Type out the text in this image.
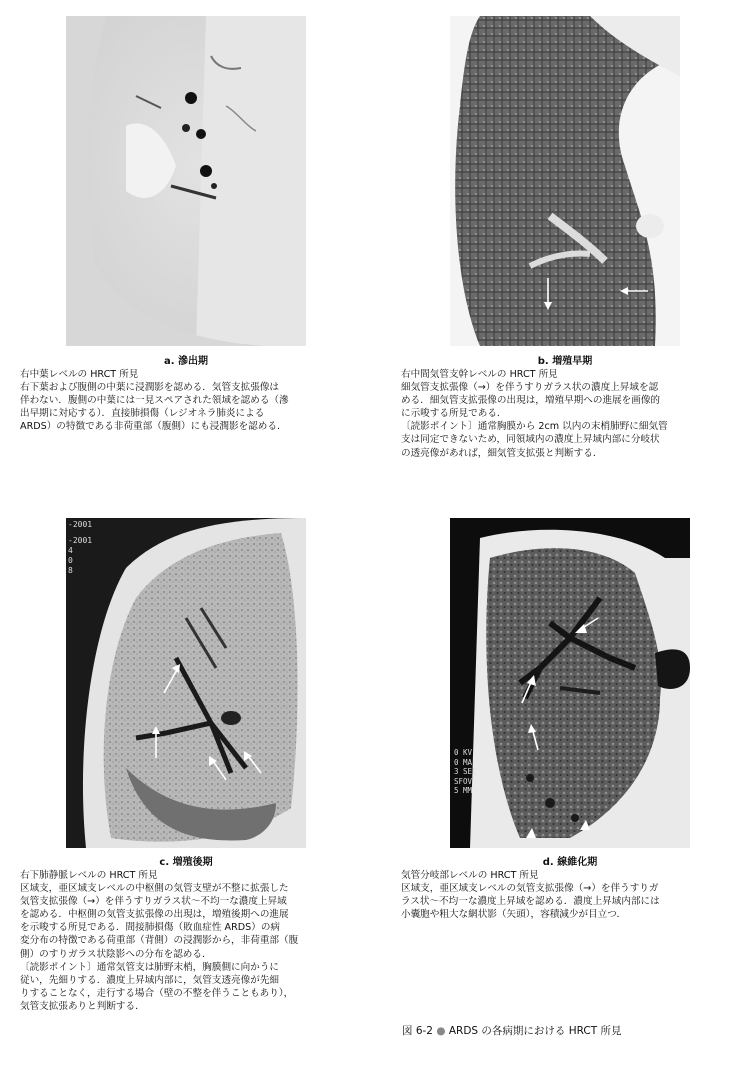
a. 滲出期
右中葉レベルの HRCT 所見
右下葉および腹側の中葉に浸潤影を認める．気管支拡張像は
伴わない．腹側の中葉には一見スペアされた領域を認める（滲
出早期に対応する）．直接肺損傷（レジオネラ肺炎による
ARDS）の特徴である非荷重部（腹側）にも浸潤影を認める．
b. 増殖早期
右中間気管支幹レベルの HRCT 所見
細気管支拡張像（→）を伴うすりガラス状の濃度上昇域を認
める．細気管支拡張像の出現は，増殖早期への進展を画像的
に示唆する所見である．
〔読影ポイント〕通常胸膜から 2cm 以内の末梢肺野に細気管
支は同定できないため，同領域内の濃度上昇域内部に分岐状
の透亮像があれば，細気管支拡張と判断する．
-2001
-2001
4
0
8
c. 増殖後期
右下肺静脈レベルの HRCT 所見
区域支，亜区域支レベルの中枢側の気管支壁が不整に拡張した
気管支拡張像（→）を伴うすりガラス状～不均一な濃度上昇域
を認める．中枢側の気管支拡張像の出現は，増殖後期への進展
を示唆する所見である．間接肺損傷（敗血症性 ARDS）の病
変分布の特徴である荷重部（背側）の浸潤影から，非荷重部（腹
側）のすりガラス状陰影への分布を認める．
〔読影ポイント〕通常気管支は肺野末梢，胸膜側に向かうに
従い，先細りする．濃度上昇域内部に，気管支透亮像が先細
りすることなく，走行する場合（壁の不整を伴うこともあり），
気管支拡張ありと判断する．
0 KV
0 MA
3 SEC
SFOV
5 MM
d. 線維化期
気管分岐部レベルの HRCT 所見
区域支，亜区域支レベルの気管支拡張像（→）を伴うすりガ
ラス状～不均一な濃度上昇域を認める．濃度上昇域内部には
小囊胞や粗大な網状影（矢頭），容積減少が目立つ．
図 6-2 ● ARDS の各病期における HRCT 所見
